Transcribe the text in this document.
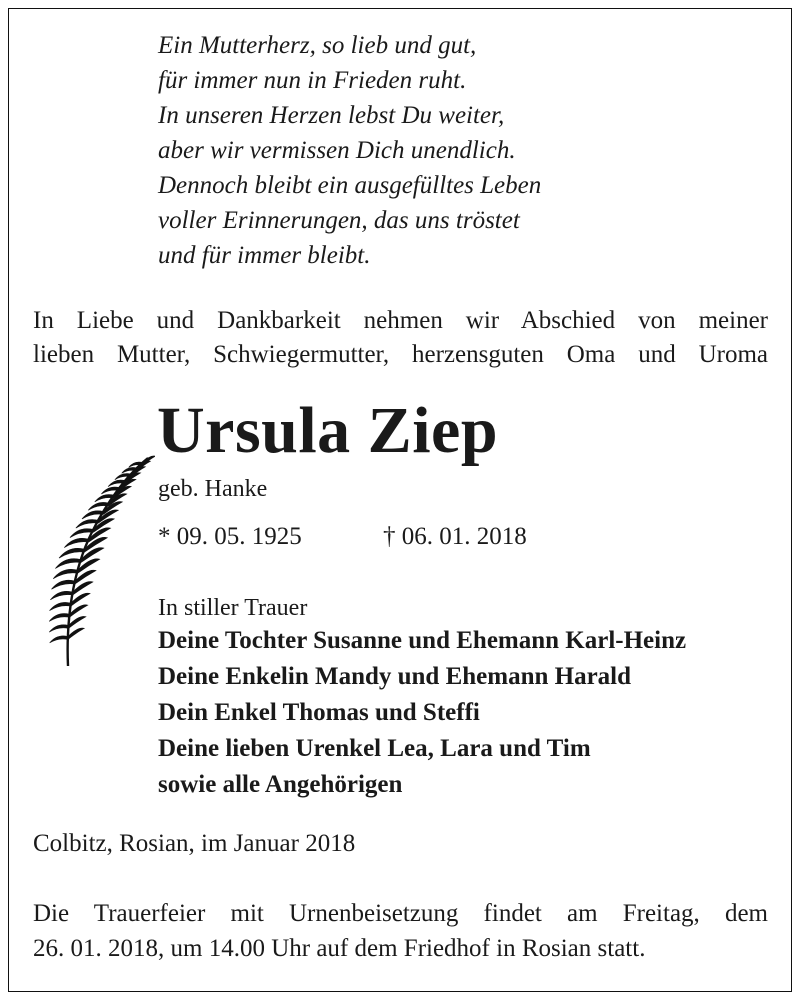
Ein Mutterherz, so lieb und gut,
für immer nun in Frieden ruht.
In unseren Herzen lebst Du weiter,
aber wir vermissen Dich unendlich.
Dennoch bleibt ein ausgefülltes Leben
voller Erinnerungen, das uns tröstet
und für immer bleibt.
In Liebe und Dankbarkeit nehmen wir Abschied von meiner
lieben Mutter, Schwiegermutter, herzensguten Oma und Uroma
Ursula Ziep
geb. Hanke
* 09. 05. 1925	† 06. 01. 2018
In stiller Trauer
Deine Tochter Susanne und Ehemann Karl-Heinz
Deine Enkelin Mandy und Ehemann Harald
Dein Enkel Thomas und Steffi
Deine lieben Urenkel Lea, Lara und Tim
sowie alle Angehörigen
Colbitz, Rosian, im Januar 2018
Die Trauerfeier mit Urnenbeisetzung findet am Freitag, dem
26. 01. 2018, um 14.00 Uhr auf dem Friedhof in Rosian statt.
